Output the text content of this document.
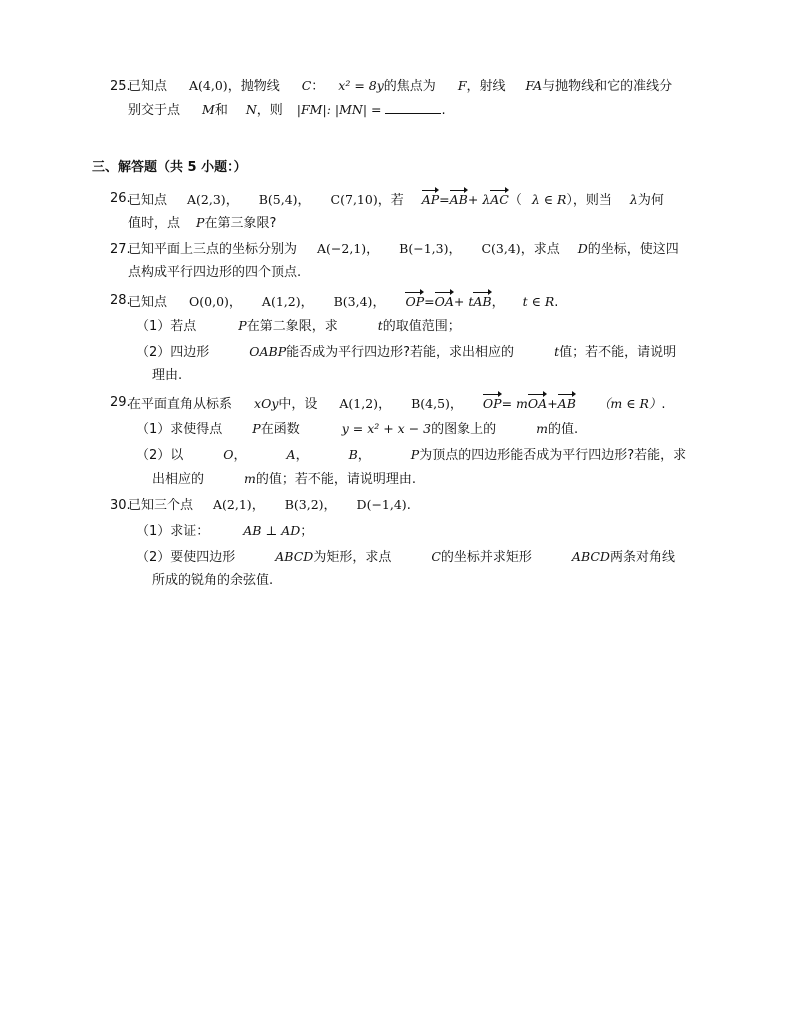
25.
已知点 A(4,0)，抛物线 C： x² = 8y的焦点为 F，射线 FA与抛物线和它的准线分
别交于点 M和 N，则 |FM|: |MN| =	.
三、解答题（共 5 小题：）
26.
已知点 A(2,3)， B(5,4)， C(7,10)，若 AP=AB+ λAC（ λ ∈ R），则当 λ为何
值时，点 P在第三象限?
27.
已知平面上三点的坐标分别为 A(−2,1)， B(−1,3)， C(3,4)，求点 D的坐标，使这四
点构成平行四边形的四个顶点.
28.
已知点 O(0,0)， A(1,2)， B(3,4)， OP=OA+ tAB， t ∈ R.
（1）若点	P在第二象限，求	t的取值范围；
（2）四边形	OABP能否成为平行四边形?若能，求出相应的	t值；若不能，请说明
理由.
29.
在平面直角从标系 xOy中，设 A(1,2)， B(4,5)， OP= mOA+AB （m ∈ R）.
（1）求使得点 P在函数	y = x² + x − 3的图象上的	m的值.
（2）以	O，	A，	B，	P为顶点的四边形能否成为平行四边形?若能，求
出相应的	m的值；若不能，请说明理由.
30.
已知三个点 A(2,1)， B(3,2)， D(−1,4).
（1）求证：	AB ⊥ AD；
（2）要使四边形	ABCD为矩形，求点	C的坐标并求矩形	ABCD两条对角线
所成的锐角的余弦值.
